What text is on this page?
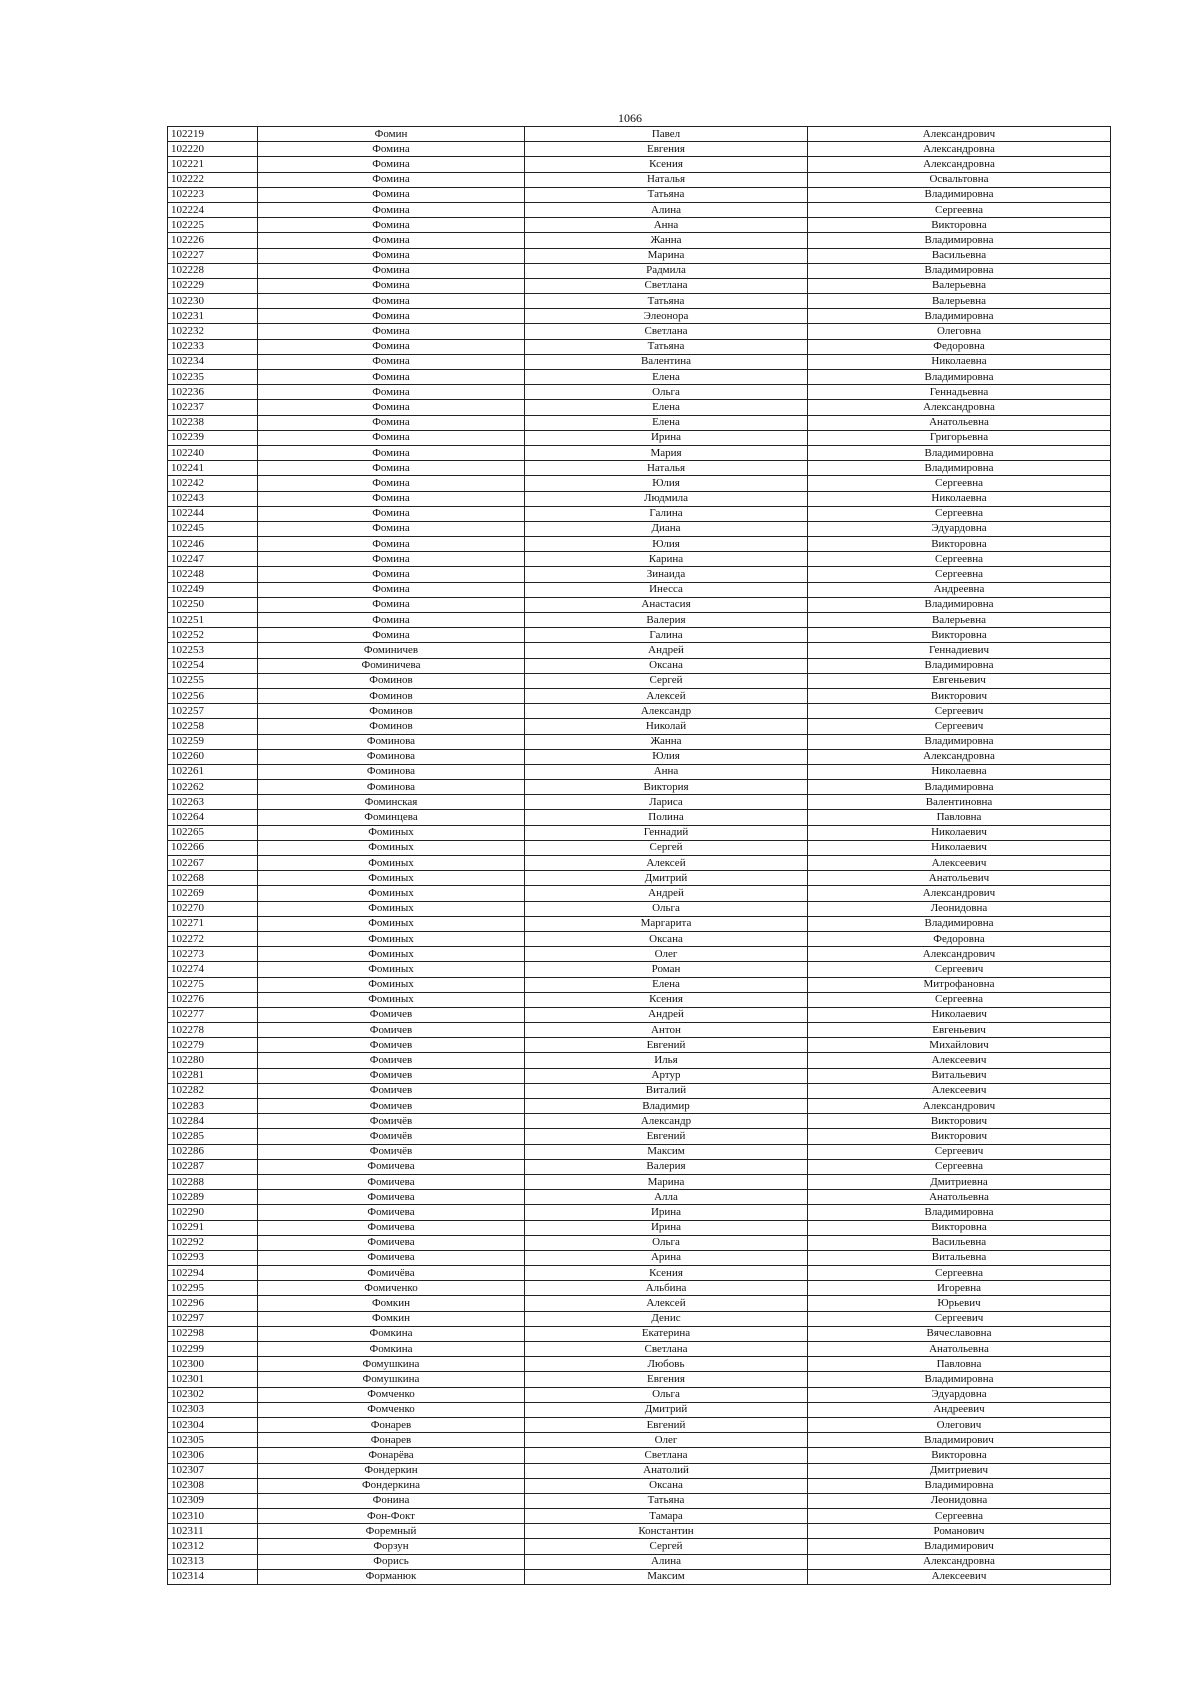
1066
102219	Фомин	Павел	Александрович
102220	Фомина	Евгения	Александровна
102221	Фомина	Ксения	Александровна
102222	Фомина	Наталья	Освальтовна
102223	Фомина	Татьяна	Владимировна
102224	Фомина	Алина	Сергеевна
102225	Фомина	Анна	Викторовна
102226	Фомина	Жанна	Владимировна
102227	Фомина	Марина	Васильевна
102228	Фомина	Радмила	Владимировна
102229	Фомина	Светлана	Валерьевна
102230	Фомина	Татьяна	Валерьевна
102231	Фомина	Элеонора	Владимировна
102232	Фомина	Светлана	Олеговна
102233	Фомина	Татьяна	Федоровна
102234	Фомина	Валентина	Николаевна
102235	Фомина	Елена	Владимировна
102236	Фомина	Ольга	Геннадьевна
102237	Фомина	Елена	Александровна
102238	Фомина	Елена	Анатольевна
102239	Фомина	Ирина	Григорьевна
102240	Фомина	Мария	Владимировна
102241	Фомина	Наталья	Владимировна
102242	Фомина	Юлия	Сергеевна
102243	Фомина	Людмила	Николаевна
102244	Фомина	Галина	Сергеевна
102245	Фомина	Диана	Эдуардовна
102246	Фомина	Юлия	Викторовна
102247	Фомина	Карина	Сергеевна
102248	Фомина	Зинаида	Сергеевна
102249	Фомина	Инесса	Андреевна
102250	Фомина	Анастасия	Владимировна
102251	Фомина	Валерия	Валерьевна
102252	Фомина	Галина	Викторовна
102253	Фоминичев	Андрей	Геннадиевич
102254	Фоминичева	Оксана	Владимировна
102255	Фоминов	Сергей	Евгеньевич
102256	Фоминов	Алексей	Викторович
102257	Фоминов	Александр	Сергеевич
102258	Фоминов	Николай	Сергеевич
102259	Фоминова	Жанна	Владимировна
102260	Фоминова	Юлия	Александровна
102261	Фоминова	Анна	Николаевна
102262	Фоминова	Виктория	Владимировна
102263	Фоминская	Лариса	Валентиновна
102264	Фоминцева	Полина	Павловна
102265	Фоминых	Геннадий	Николаевич
102266	Фоминых	Сергей	Николаевич
102267	Фоминых	Алексей	Алексеевич
102268	Фоминых	Дмитрий	Анатольевич
102269	Фоминых	Андрей	Александрович
102270	Фоминых	Ольга	Леонидовна
102271	Фоминых	Маргарита	Владимировна
102272	Фоминых	Оксана	Федоровна
102273	Фоминых	Олег	Александрович
102274	Фоминых	Роман	Сергеевич
102275	Фоминых	Елена	Митрофановна
102276	Фоминых	Ксения	Сергеевна
102277	Фомичев	Андрей	Николаевич
102278	Фомичев	Антон	Евгеньевич
102279	Фомичев	Евгений	Михайлович
102280	Фомичев	Илья	Алексеевич
102281	Фомичев	Артур	Витальевич
102282	Фомичев	Виталий	Алексеевич
102283	Фомичев	Владимир	Александрович
102284	Фомичёв	Александр	Викторович
102285	Фомичёв	Евгений	Викторович
102286	Фомичёв	Максим	Сергеевич
102287	Фомичева	Валерия	Сергеевна
102288	Фомичева	Марина	Дмитриевна
102289	Фомичева	Алла	Анатольевна
102290	Фомичева	Ирина	Владимировна
102291	Фомичева	Ирина	Викторовна
102292	Фомичева	Ольга	Васильевна
102293	Фомичева	Арина	Витальевна
102294	Фомичёва	Ксения	Сергеевна
102295	Фомиченко	Альбина	Игоревна
102296	Фомкин	Алексей	Юрьевич
102297	Фомкин	Денис	Сергеевич
102298	Фомкина	Екатерина	Вячеславовна
102299	Фомкина	Светлана	Анатольевна
102300	Фомушкина	Любовь	Павловна
102301	Фомушкина	Евгения	Владимировна
102302	Фомченко	Ольга	Эдуардовна
102303	Фомченко	Дмитрий	Андреевич
102304	Фонарев	Евгений	Олегович
102305	Фонарев	Олег	Владимирович
102306	Фонарёва	Светлана	Викторовна
102307	Фондеркин	Анатолий	Дмитриевич
102308	Фондеркина	Оксана	Владимировна
102309	Фонина	Татьяна	Леонидовна
102310	Фон-Фокт	Тамара	Сергеевна
102311	Форемный	Константин	Романович
102312	Форзун	Сергей	Владимирович
102313	Форись	Алина	Александровна
102314	Форманюк	Максим	Алексеевич
